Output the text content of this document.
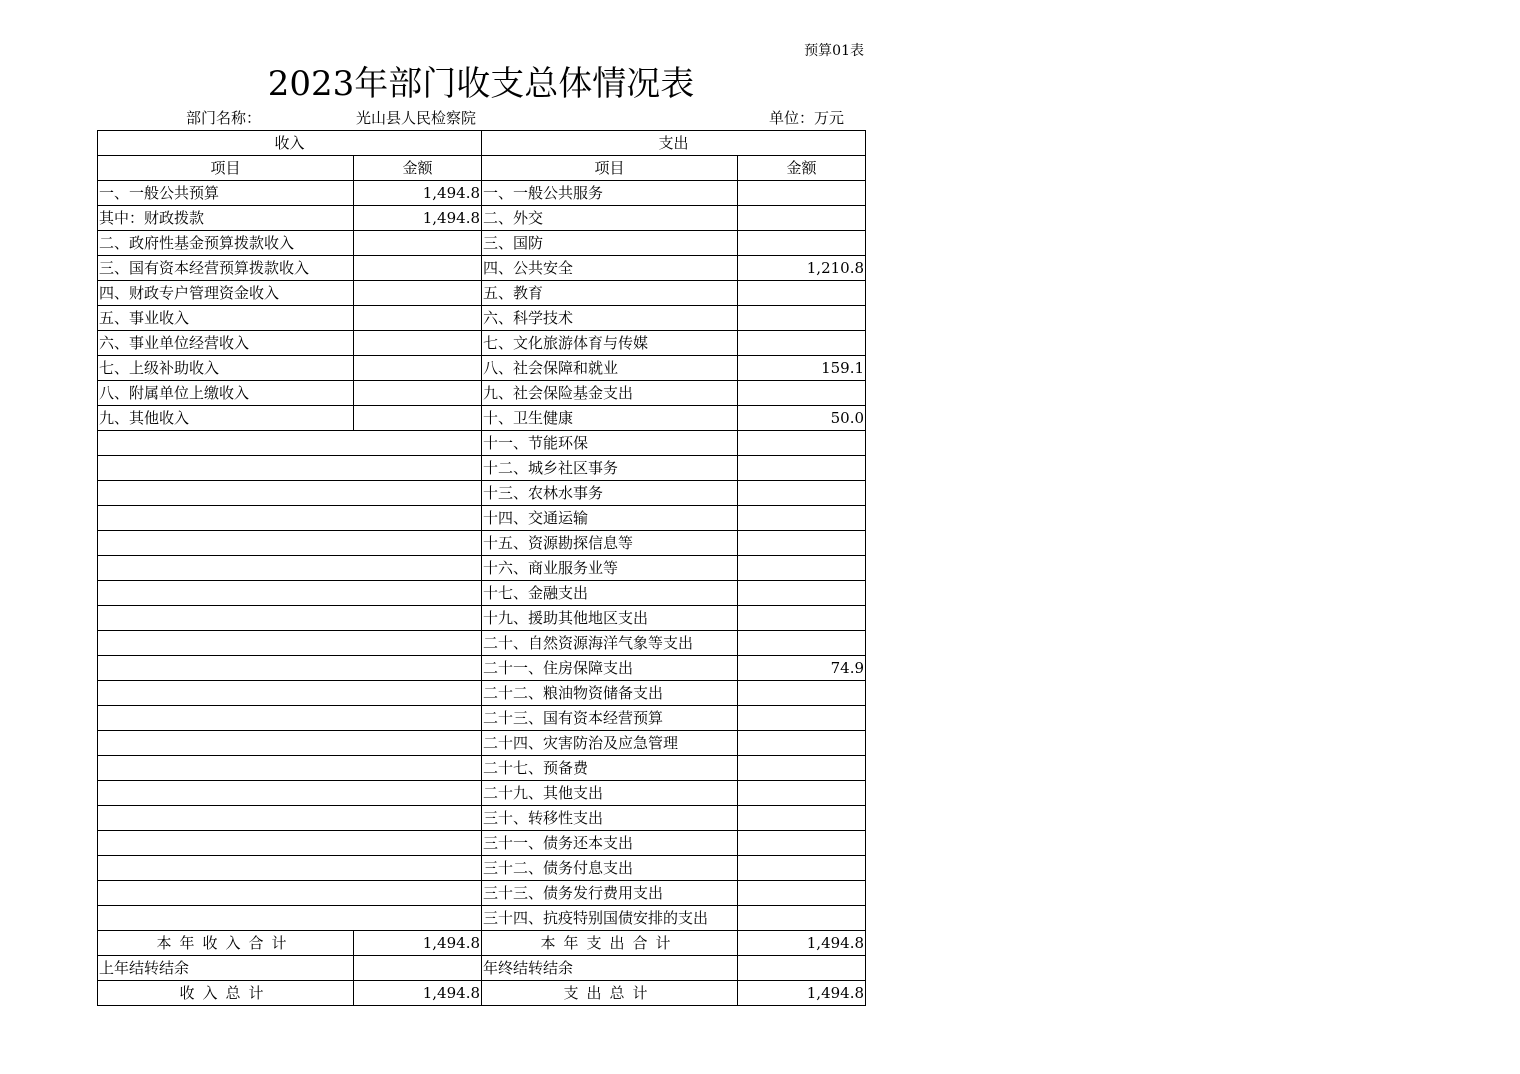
预算01表
2023年部门收支总体情况表
部门名称：	光山县人民检察院	单位：万元
收入		支出	
项目	金额	项目	金额
一、一般公共预算	1,494.8	一、一般公共服务	
其中：财政拨款	1,494.8	二、外交	
二、政府性基金预算拨款收入		三、国防	
三、国有资本经营预算拨款收入		四、公共安全	1,210.8
四、财政专户管理资金收入		五、教育	
五、事业收入		六、科学技术	
六、事业单位经营收入		七、文化旅游体育与传媒	
七、上级补助收入		八、社会保障和就业	159.1
八、附属单位上缴收入		九、社会保险基金支出	
九、其他收入		十、卫生健康	50.0
		十一、节能环保	
		十二、城乡社区事务	
		十三、农林水事务	
		十四、交通运输	
		十五、资源勘探信息等	
		十六、商业服务业等	
		十七、金融支出	
		十九、援助其他地区支出	
		二十、自然资源海洋气象等支出	
		二十一、住房保障支出	74.9
		二十二、粮油物资储备支出	
		二十三、国有资本经营预算	
		二十四、灾害防治及应急管理	
		二十七、预备费	
		二十九、其他支出	
		三十、转移性支出	
		三十一、债务还本支出	
		三十二、债务付息支出	
		三十三、债务发行费用支出	
		三十四、抗疫特别国债安排的支出	
本年收入合计	1,494.8	本年支出合计	1,494.8
上年结转结余		年终结转结余	
收入总计	1,494.8	支出总计	1,494.8
